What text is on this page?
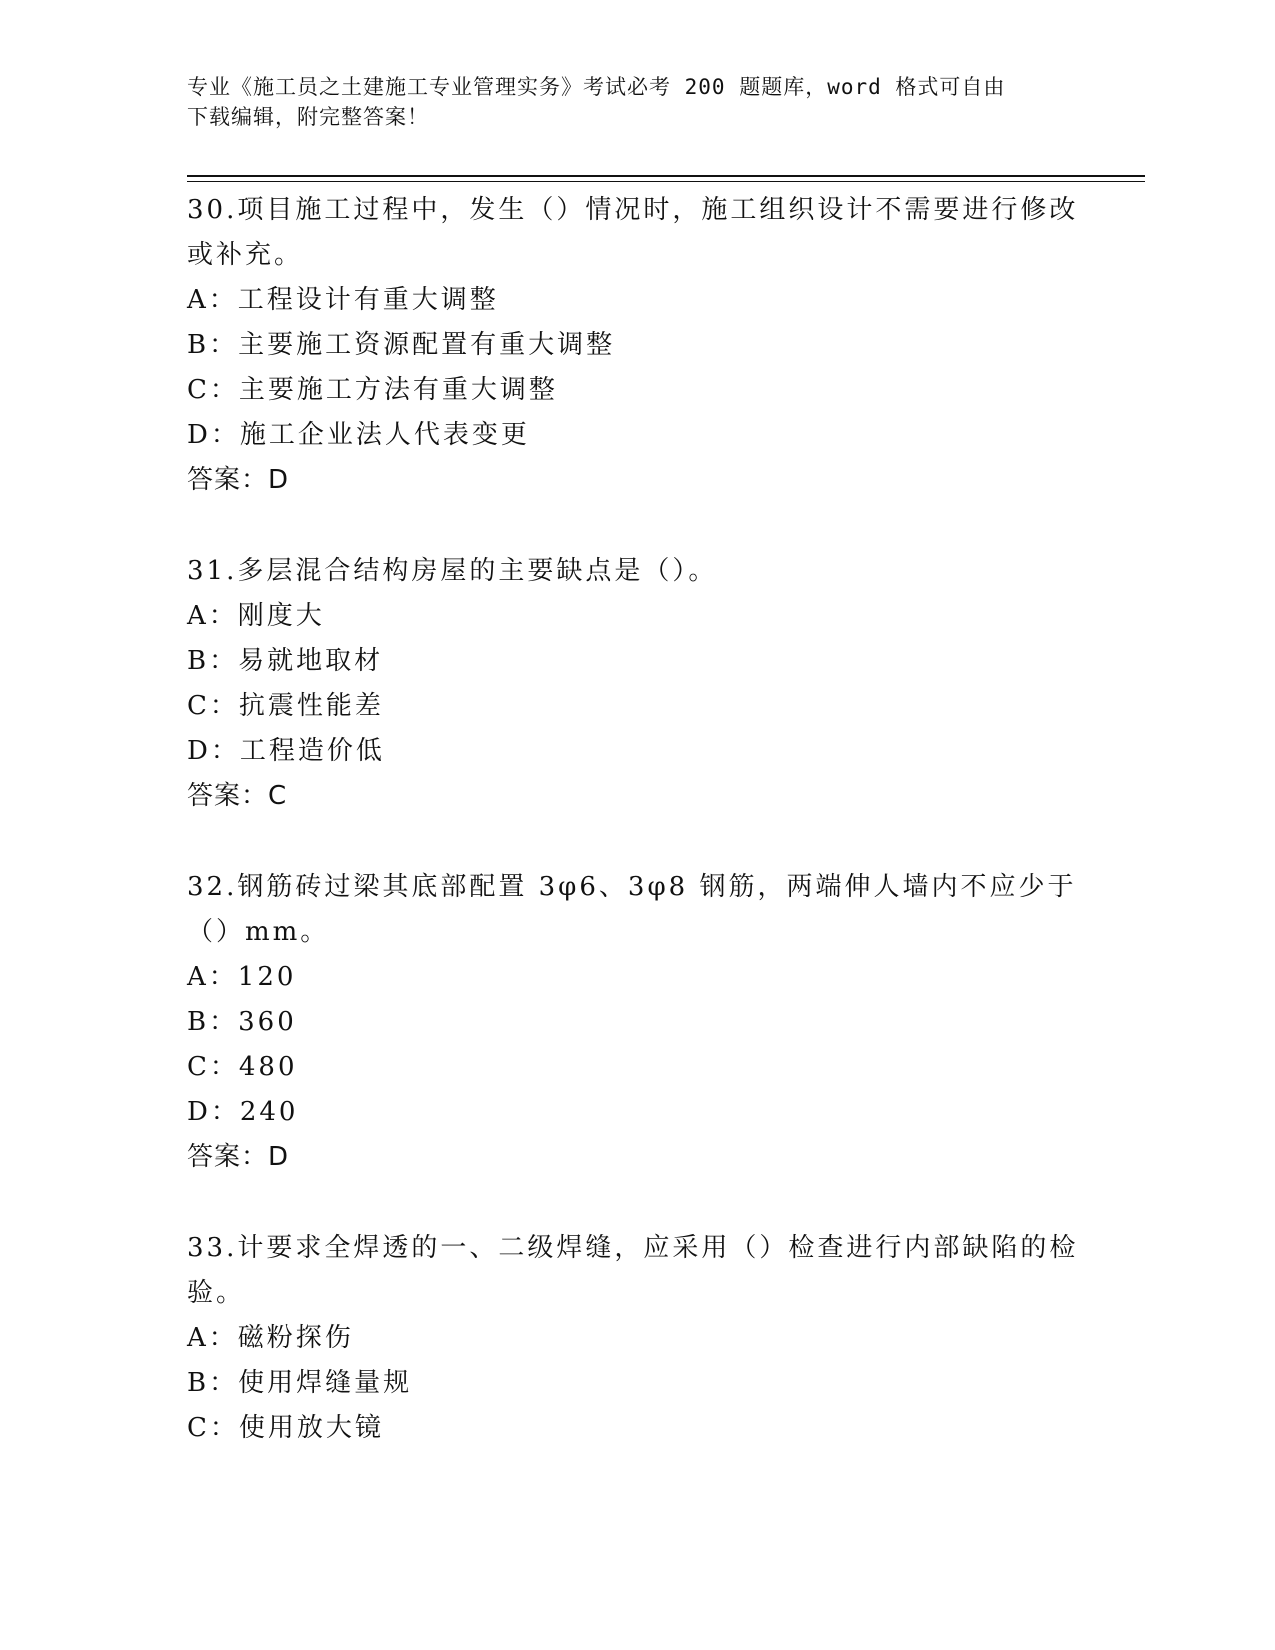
专业《施工员之土建施工专业管理实务》考试必考 200 题题库，word 格式可自由
下载编辑，附完整答案！
30.项目施工过程中，发生（）情况时，施工组织设计不需要进行修改
或补充。
A：工程设计有重大调整
B：主要施工资源配置有重大调整
C：主要施工方法有重大调整
D：施工企业法人代表变更
答案：D
31.多层混合结构房屋的主要缺点是（）。
A：刚度大
B：易就地取材
C：抗震性能差
D：工程造价低
答案：C
32.钢筋砖过梁其底部配置 3φ6、3φ8 钢筋，两端伸人墙内不应少于
（）mm。
A：120
B：360
C：480
D：240
答案：D
33.计要求全焊透的一、二级焊缝，应采用（）检查进行内部缺陷的检
验。
A：磁粉探伤
B：使用焊缝量规
C：使用放大镜
